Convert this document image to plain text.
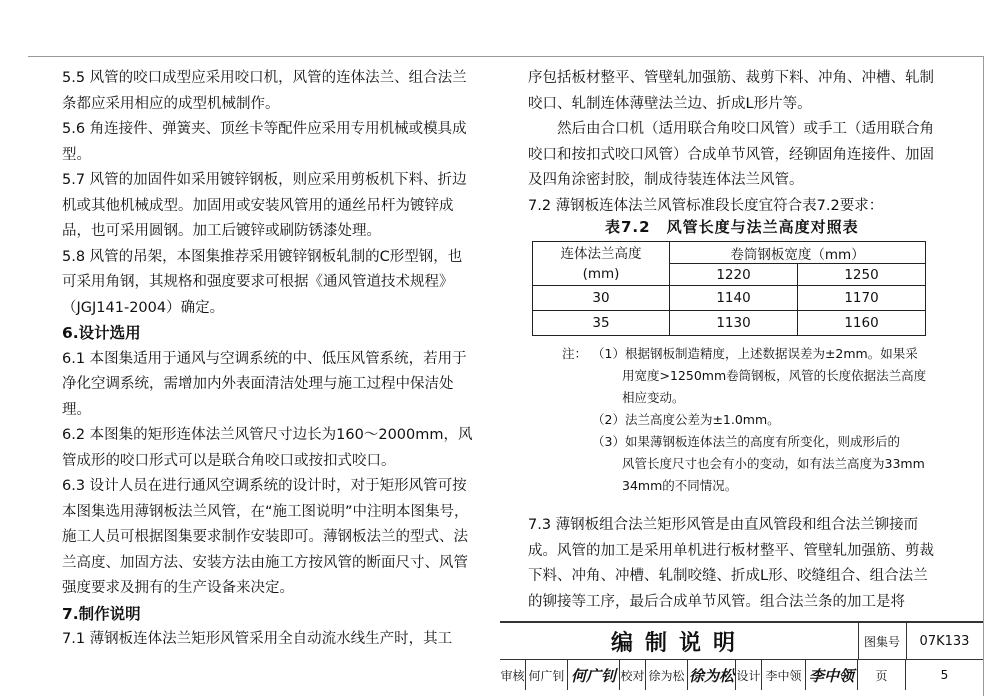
5.5 风管的咬口成型应采用咬口机，风管的连体法兰、组合法兰条都应采用相应的成型机械制作。

5.6 角连接件、弹簧夹、顶丝卡等配件应采用专用机械或模具成型。

5.7 风管的加固件如采用镀锌钢板，则应采用剪板机下料、折边机或其他机械成型。加固用或安装风管用的通丝吊杆为镀锌成品，也可采用圆钢。加工后镀锌或刷防锈漆处理。

5.8 风管的吊架，本图集推荐采用镀锌钢板轧制的C形型钢，也可采用角钢，其规格和强度要求可根据《通风管道技术规程》（JGJ141-2004）确定。

6.设计选用

6.1 本图集适用于通风与空调系统的中、低压风管系统，若用于净化空调系统，需增加内外表面清洁处理与施工过程中保洁处理。

6.2 本图集的矩形连体法兰风管尺寸边长为160～2000mm，风管成形的咬口形式可以是联合角咬口或按扣式咬口。

6.3 设计人员在进行通风空调系统的设计时，对于矩形风管可按本图集选用薄钢板法兰风管，在“施工图说明”中注明本图集号，施工人员可根据图集要求制作安装即可。薄钢板法兰的型式、法兰高度、加固方法、安装方法由施工方按风管的断面尺寸、风管强度要求及拥有的生产设备来决定。

7.制作说明

7.1 薄钢板连体法兰矩形风管采用全自动流水线生产时，其工

序包括板材整平、管壁轧加强筋、裁剪下料、冲角、冲槽、轧制咬口、轧制连体薄壁法兰边、折成L形片等。

然后由合口机（适用联合角咬口风管）或手工（适用联合角咬口和按扣式咬口风管）合成单节风管，经铆固角连接件、加固及四角涂密封胶，制成待装连体法兰风管。

7.2 薄钢板连体法兰风管标准段长度宜符合表7.2要求：

表7.2　风管长度与法兰高度对照表
连体法兰高度
(mm)	卷筒钢板宽度（mm）	
	1220	1250
30	1140	1170
35	1130	1160
注： （1）根据钢板制造精度，上述数据误差为±2mm。如果采
用宽度>1250mm卷筒钢板，风管的长度依据法兰高度
相应变动。
（2）法兰高度公差为±1.0mm。
（3）如果薄钢板连体法兰的高度有所变化，则成形后的
风管长度尺寸也会有小的变动，如有法兰高度为33mm
34mm的不同情况。

7.3 薄钢板组合法兰矩形风管是由直风管段和组合法兰铆接而成。风管的加工是采用单机进行板材整平、管壁轧加强筋、剪裁下料、冲角、冲槽、轧制咬缝、折成L形、咬缝组合、组合法兰的铆接等工序，最后合成单节风管。组合法兰条的加工是将

编制说明	图集号	07K133
审核 何广钊 何广钊 校对 徐为松 徐为松 设计 李中领 李中领	页	5
